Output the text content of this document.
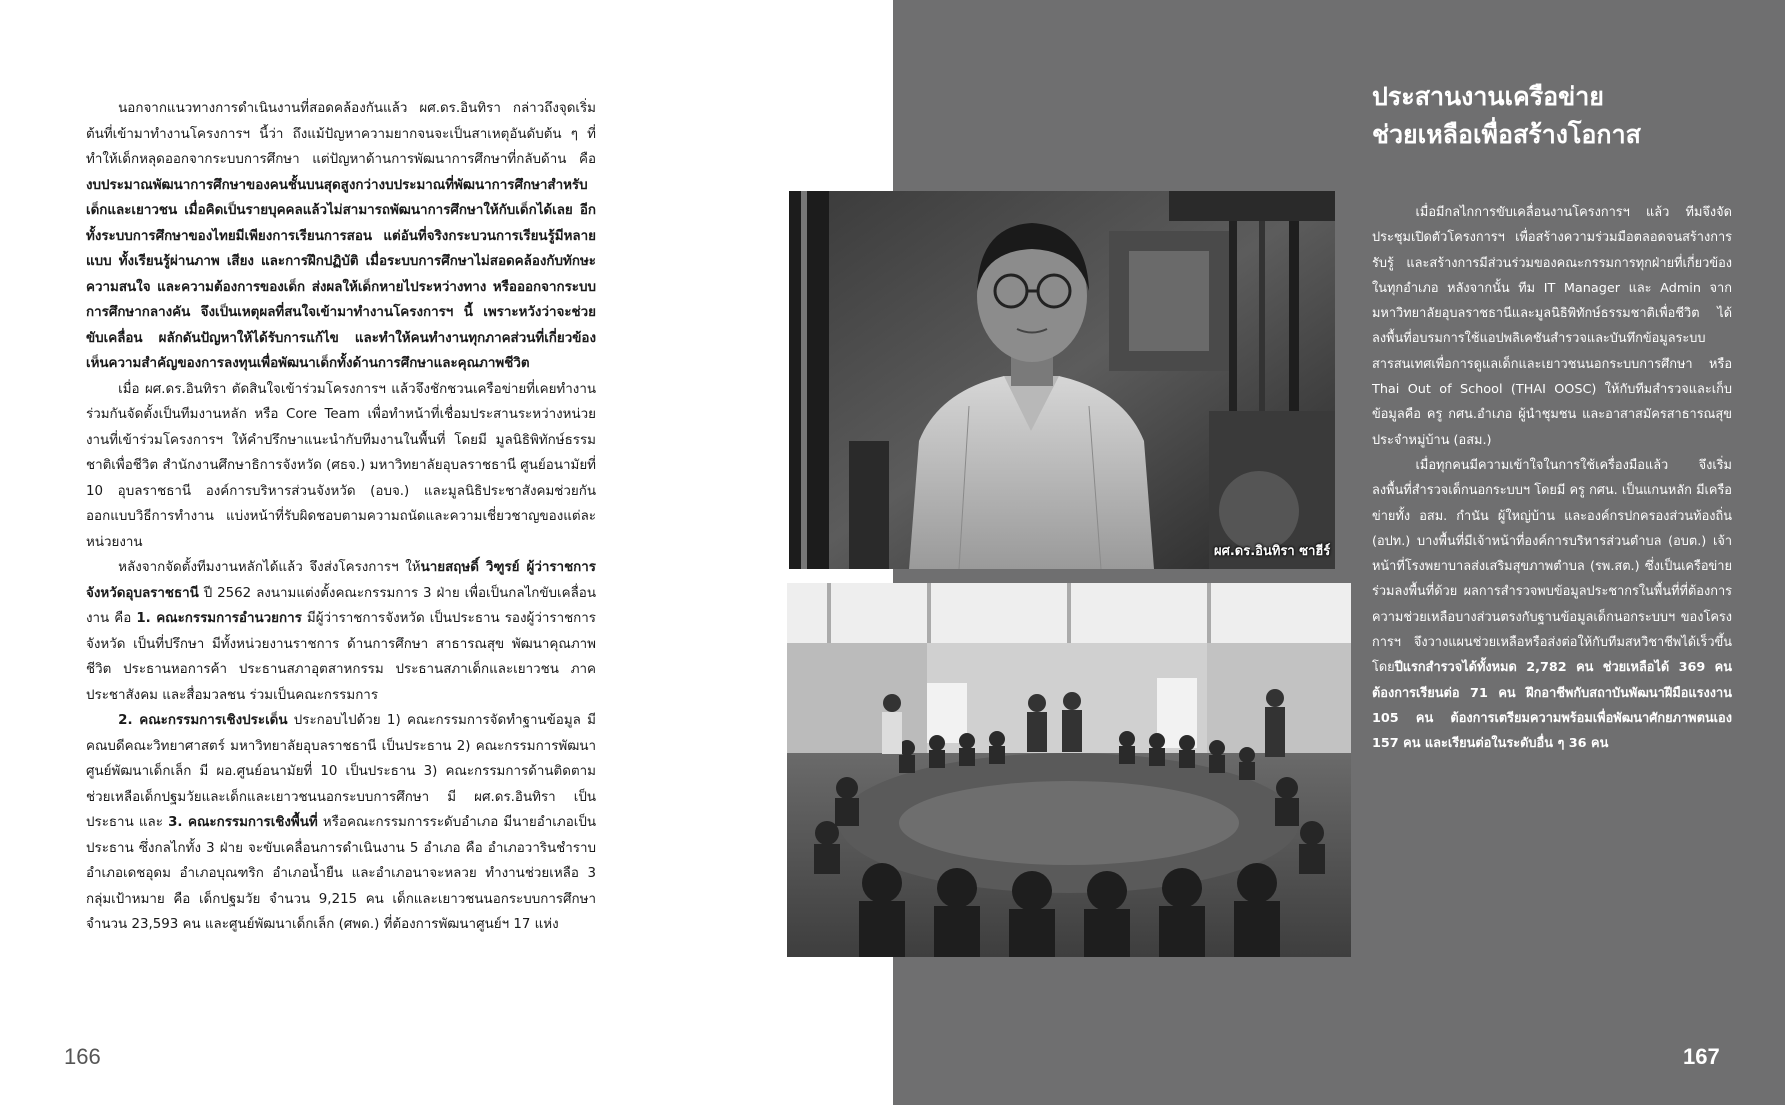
นอกจากแนวทางการดำเนินงานที่สอดคล้องกันแล้ว ผศ.ดร.อินทิรา กล่าวถึงจุดเริ่มต้นที่เข้ามาทำงานโครงการฯ นี้ว่า ถึงแม้ปัญหาความยากจนจะเป็นสาเหตุอันดับต้น ๆ ที่ทำให้เด็กหลุดออกจากระบบการศึกษา แต่ปัญหาด้านการพัฒนาการศึกษาที่กลับด้าน คือ งบประมาณพัฒนาการศึกษาของคนชั้นบนสุดสูงกว่างบประมาณที่พัฒนาการศึกษาสำหรับเด็กและเยาวชน เมื่อคิดเป็นรายบุคคลแล้วไม่สามารถพัฒนาการศึกษาให้กับเด็กได้เลย อีกทั้งระบบการศึกษาของไทยมีเพียงการเรียนการสอน แต่อันที่จริงกระบวนการเรียนรู้มีหลายแบบ ทั้งเรียนรู้ผ่านภาพ เสียง และการฝึกปฏิบัติ เมื่อระบบการศึกษาไม่สอดคล้องกับทักษะ ความสนใจ และความต้องการของเด็ก ส่งผลให้เด็กหายไประหว่างทาง หรือออกจากระบบการศึกษากลางคัน จึงเป็นเหตุผลที่สนใจเข้ามาทำงานโครงการฯ นี้ เพราะหวังว่าจะช่วยขับเคลื่อน ผลักดันปัญหาให้ได้รับการแก้ไข และทำให้คนทำงานทุกภาคส่วนที่เกี่ยวข้อง เห็นความสำคัญของการลงทุนเพื่อพัฒนาเด็กทั้งด้านการศึกษาและคุณภาพชีวิต

เมื่อ ผศ.ดร.อินทิรา ตัดสินใจเข้าร่วมโครงการฯ แล้วจึงชักชวนเครือข่ายที่เคยทำงานร่วมกันจัดตั้งเป็นทีมงานหลัก หรือ Core Team เพื่อทำหน้าที่เชื่อมประสานระหว่างหน่วยงานที่เข้าร่วมโครงการฯ ให้คำปรึกษาแนะนำกับทีมงานในพื้นที่ โดยมี มูลนิธิพิทักษ์ธรรมชาติเพื่อชีวิต สำนักงานศึกษาธิการจังหวัด (ศธจ.) มหาวิทยาลัยอุบลราชธานี ศูนย์อนามัยที่ 10 อุบลราชธานี องค์การบริหารส่วนจังหวัด (อบจ.) และมูลนิธิประชาสังคมช่วยกันออกแบบวิธีการทำงาน แบ่งหน้าที่รับผิดชอบตามความถนัดและความเชี่ยวชาญของแต่ละหน่วยงาน

หลังจากจัดตั้งทีมงานหลักได้แล้ว จึงส่งโครงการฯ ให้นายสฤษดิ์ วิฑูรย์ ผู้ว่าราชการจังหวัดอุบลราชธานี ปี 2562 ลงนามแต่งตั้งคณะกรรมการ 3 ฝ่าย เพื่อเป็นกลไกขับเคลื่อนงาน คือ 1. คณะกรรมการอำนวยการ มีผู้ว่าราชการจังหวัด เป็นประธาน รองผู้ว่าราชการจังหวัด เป็นที่ปรึกษา มีทั้งหน่วยงานราชการ ด้านการศึกษา สาธารณสุข พัฒนาคุณภาพชีวิต ประธานหอการค้า ประธานสภาอุตสาหกรรม ประธานสภาเด็กและเยาวชน ภาคประชาสังคม และสื่อมวลชน ร่วมเป็นคณะกรรมการ

2. คณะกรรมการเชิงประเด็น ประกอบไปด้วย 1) คณะกรรมการจัดทำฐานข้อมูล มีคณบดีคณะวิทยาศาสตร์ มหาวิทยาลัยอุบลราชธานี เป็นประธาน 2) คณะกรรมการพัฒนาศูนย์พัฒนาเด็กเล็ก มี ผอ.ศูนย์อนามัยที่ 10 เป็นประธาน 3) คณะกรรมการด้านติดตามช่วยเหลือเด็กปฐมวัยและเด็กและเยาวชนนอกระบบการศึกษา มี ผศ.ดร.อินทิรา เป็นประธาน และ 3. คณะกรรมการเชิงพื้นที่ หรือคณะกรรมการระดับอำเภอ มีนายอำเภอเป็นประธาน ซึ่งกลไกทั้ง 3 ฝ่าย จะขับเคลื่อนการดำเนินงาน 5 อำเภอ คือ อำเภอวารินชำราบ อำเภอเดชอุดม อำเภอบุณฑริก อำเภอน้ำยืน และอำเภอนาจะหลวย ทำงานช่วยเหลือ 3 กลุ่มเป้าหมาย คือ เด็กปฐมวัย จำนวน 9,215 คน เด็กและเยาวชนนอกระบบการศึกษา จำนวน 23,593 คน และศูนย์พัฒนาเด็กเล็ก (ศพด.) ที่ต้องการพัฒนาศูนย์ฯ 17 แห่ง

166
ประสานงานเครือข่าย
ช่วยเหลือเพื่อสร้างโอกาส

เมื่อมีกลไกการขับเคลื่อนงานโครงการฯ แล้ว ทีมจึงจัดประชุมเปิดตัวโครงการฯ เพื่อสร้างความร่วมมือตลอดจนสร้างการรับรู้ และสร้างการมีส่วนร่วมของคณะกรรมการทุกฝ่ายที่เกี่ยวข้องในทุกอำเภอ หลังจากนั้น ทีม IT Manager และ Admin จากมหาวิทยาลัยอุบลราชธานีและมูลนิธิพิทักษ์ธรรมชาติเพื่อชีวิต ได้ลงพื้นที่อบรมการใช้แอปพลิเคชันสำรวจและบันทึกข้อมูลระบบสารสนเทศเพื่อการดูแลเด็กและเยาวชนนอกระบบการศึกษา หรือ Thai Out of School (THAI OOSC) ให้กับทีมสำรวจและเก็บข้อมูลคือ ครู กศน.อำเภอ ผู้นำชุมชน และอาสาสมัครสาธารณสุขประจำหมู่บ้าน (อสม.)

เมื่อทุกคนมีความเข้าใจในการใช้เครื่องมือแล้ว จึงเริ่มลงพื้นที่สำรวจเด็กนอกระบบฯ โดยมี ครู กศน. เป็นแกนหลัก มีเครือข่ายทั้ง อสม. กำนัน ผู้ใหญ่บ้าน และองค์กรปกครองส่วนท้องถิ่น (อปท.) บางพื้นที่มีเจ้าหน้าที่องค์การบริหารส่วนตำบล (อบต.) เจ้าหน้าที่โรงพยาบาลส่งเสริมสุขภาพตำบล (รพ.สต.) ซึ่งเป็นเครือข่ายร่วมลงพื้นที่ด้วย ผลการสำรวจพบข้อมูลประชากรในพื้นที่ที่ต้องการความช่วยเหลือบางส่วนตรงกับฐานข้อมูลเด็กนอกระบบฯ ของโครงการฯ จึงวางแผนช่วยเหลือหรือส่งต่อให้กับทีมสหวิชาชีพได้เร็วขึ้น โดยปีแรกสำรวจได้ทั้งหมด 2,782 คน ช่วยเหลือได้ 369 คน ต้องการเรียนต่อ 71 คน ฝึกอาชีพกับสถาบันพัฒนาฝีมือแรงงาน 105 คน ต้องการเตรียมความพร้อมเพื่อพัฒนาศักยภาพตนเอง 157 คน และเรียนต่อในระดับอื่น ๆ 36 คน

167
ผศ.ดร.อินทิรา ซาฮีร์
